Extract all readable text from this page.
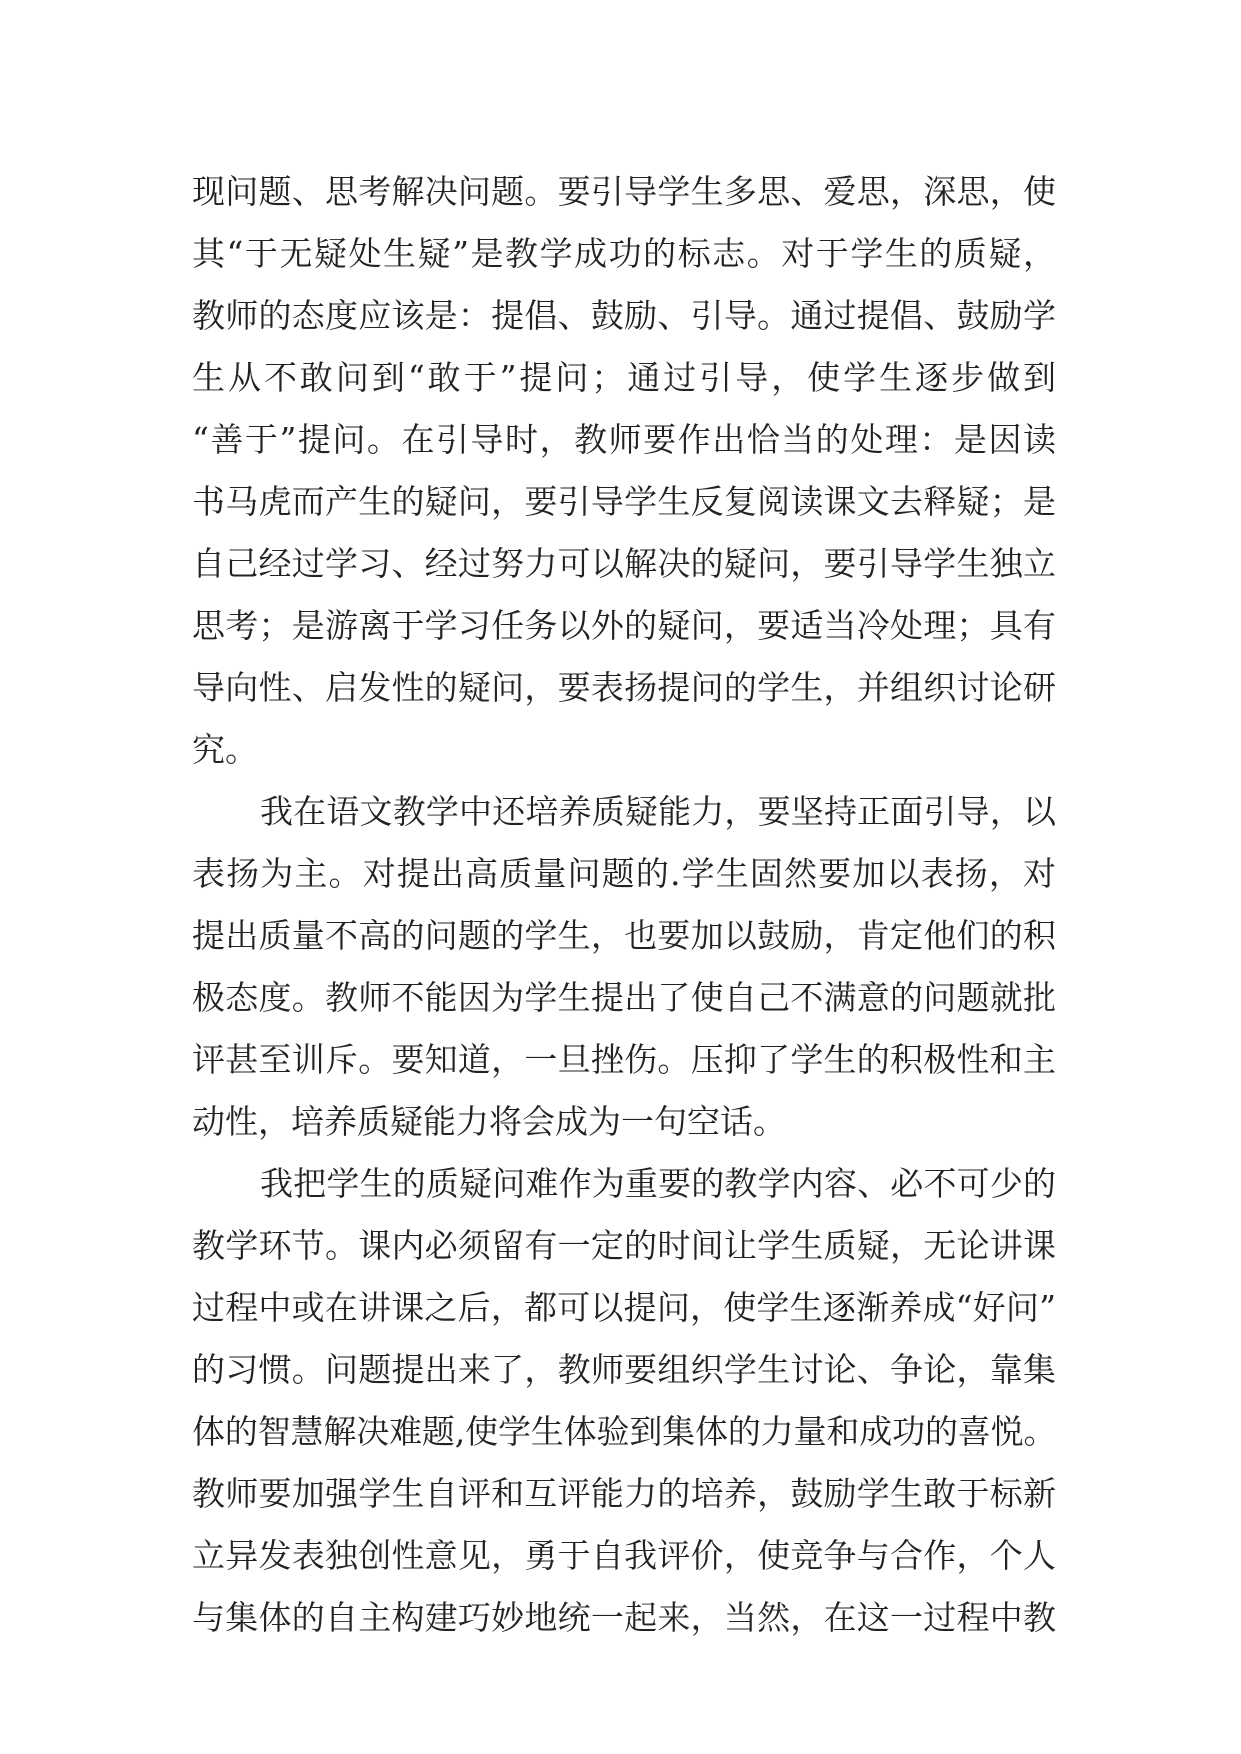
现问题、思考解决问题。要引导学生多思、爱思，深思，使
其“于无疑处生疑”是教学成功的标志。对于学生的质疑，
教师的态度应该是：提倡、鼓励、引导。通过提倡、鼓励学
生从不敢问到“敢于”提问；通过引导，使学生逐步做到
“善于”提问。在引导时，教师要作出恰当的处理：是因读
书马虎而产生的疑问，要引导学生反复阅读课文去释疑；是
自己经过学习、经过努力可以解决的疑问，要引导学生独立
思考；是游离于学习任务以外的疑问，要适当冷处理；具有
导向性、启发性的疑问，要表扬提问的学生，并组织讨论研
究。
我在语文教学中还培养质疑能力，要坚持正面引导，以
表扬为主。对提出高质量问题的.学生固然要加以表扬，对
提出质量不高的问题的学生，也要加以鼓励，肯定他们的积
极态度。教师不能因为学生提出了使自己不满意的问题就批
评甚至训斥。要知道，一旦挫伤。压抑了学生的积极性和主
动性，培养质疑能力将会成为一句空话。
我把学生的质疑问难作为重要的教学内容、必不可少的
教学环节。课内必须留有一定的时间让学生质疑，无论讲课
过程中或在讲课之后，都可以提问，使学生逐渐养成“好问”
的习惯。问题提出来了，教师要组织学生讨论、争论，靠集
体的智慧解决难题,使学生体验到集体的力量和成功的喜悦。
教师要加强学生自评和互评能力的培养，鼓励学生敢于标新
立异发表独创性意见，勇于自我评价，使竞争与合作，个人
与集体的自主构建巧妙地统一起来，当然，在这一过程中教
